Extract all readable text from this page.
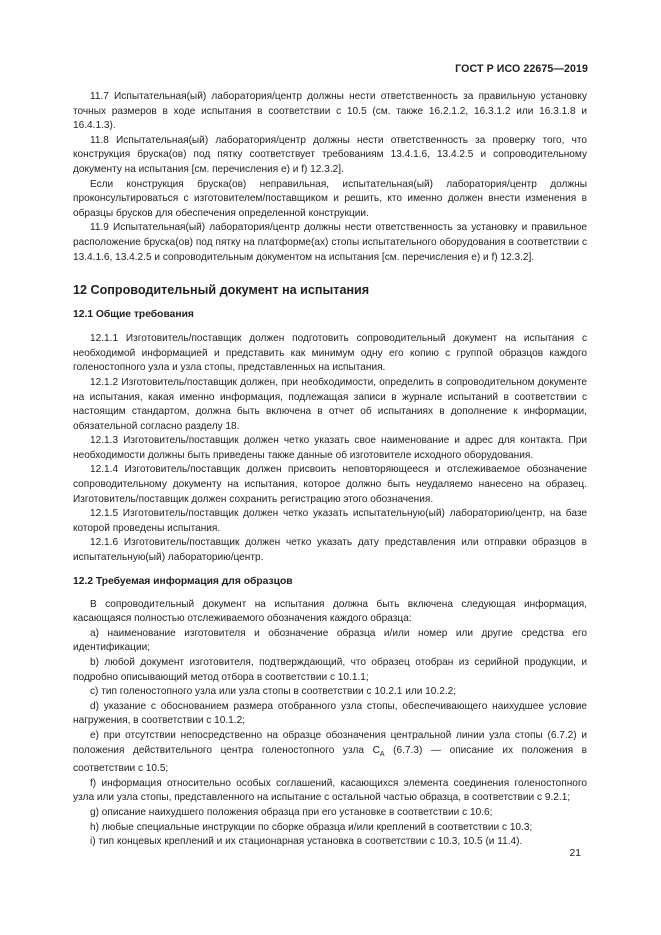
ГОСТ Р ИСО 22675—2019

11.7 Испытательная(ый) лаборатория/центр должны нести ответственность за правильную установку точных размеров в ходе испытания в соответствии с 10.5 (см. также 16.2.1.2, 16.3.1.2 или 16.3.1.8 и 16.4.1.3).

11.8 Испытательная(ый) лаборатория/центр должны нести ответственность за проверку того, что конструкция бруска(ов) под пятку соответствует требованиям 13.4.1.6, 13.4.2.5 и сопроводительному документу на испытания [см. перечисления е) и f) 12.3.2].

Если конструкция бруска(ов) неправильная, испытательная(ый) лаборатория/центр должны проконсультироваться с изготовителем/поставщиком и решить, кто именно должен внести изменения в образцы брусков для обеспечения определенной конструкции.

11.9 Испытательная(ый) лаборатория/центр должны нести ответственность за установку и правильное расположение бруска(ов) под пятку на платформе(ах) стопы испытательного оборудования в соответствии с 13.4.1.6, 13.4.2.5 и сопроводительным документом на испытания [см. перечисления е) и f) 12.3.2].

12 Сопроводительный документ на испытания
12.1 Общие требования

12.1.1 Изготовитель/поставщик должен подготовить сопроводительный документ на испытания с необходимой информацией и представить как минимум одну его копию с группой образцов каждого голеностопного узла и узла стопы, представленных на испытания.

12.1.2 Изготовитель/поставщик должен, при необходимости, определить в сопроводительном документе на испытания, какая именно информация, подлежащая записи в журнале испытаний в соответствии с настоящим стандартом, должна быть включена в отчет об испытаниях в дополнение к информации, обязательной согласно разделу 18.

12.1.3 Изготовитель/поставщик должен четко указать свое наименование и адрес для контакта. При необходимости должны быть приведены также данные об изготовителе исходного оборудования.

12.1.4 Изготовитель/поставщик должен присвоить неповторяющееся и отслеживаемое обозначение сопроводительному документу на испытания, которое должно быть неудаляемо нанесено на образец. Изготовитель/поставщик должен сохранить регистрацию этого обозначения.

12.1.5 Изготовитель/поставщик должен четко указать испытательную(ый) лабораторию/центр, на базе которой проведены испытания.

12.1.6 Изготовитель/поставщик должен четко указать дату представления или отправки образцов в испытательную(ый) лабораторию/центр.

12.2 Требуемая информация для образцов

В сопроводительный документ на испытания должна быть включена следующая информация, касающаяся полностью отслеживаемого обозначения каждого образца:

а) наименование изготовителя и обозначение образца и/или номер или другие средства его идентификации;

b) любой документ изготовителя, подтверждающий, что образец отобран из серийной продукции, и подробно описывающий метод отбора в соответствии с 10.1.1;

c) тип голеностопного узла или узла стопы в соответствии с 10.2.1 или 10.2.2;

d) указание с обоснованием размера отобранного узла стопы, обеспечивающего наихудшее условие нагружения, в соответствии с 10.1.2;

e) при отсутствии непосредственно на образце обозначения центральной линии узла стопы (6.7.2) и положения действительного центра голеностопного узла $C_A$ (6.7.3) — описание их положения в соответствии с 10.5;

f) информация относительно особых соглашений, касающихся элемента соединения голеностопного узла или узла стопы, представленного на испытание с остальной частью образца, в соответствии с 9.2.1;

g) описание наихудшего положения образца при его установке в соответствии с 10.6;

h) любые специальные инструкции по сборке образца и/или креплений в соответствии с 10.3;

i) тип концевых креплений и их стационарная установка в соответствии с 10.3, 10.5 (и 11.4).

21
